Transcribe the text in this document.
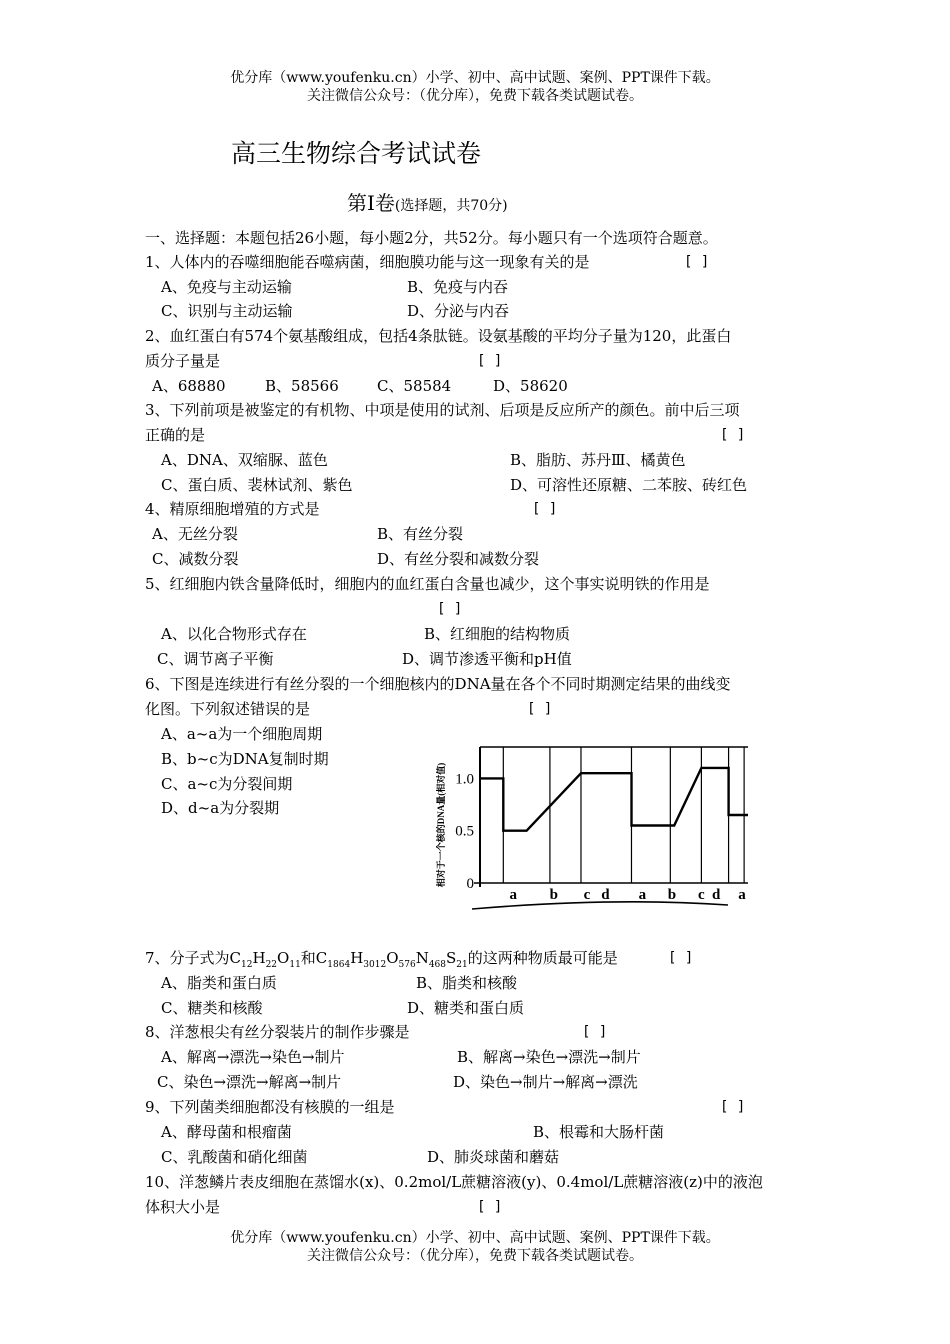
优分库（www.youfenku.cn）小学、初中、高中试题、案例、PPT课件下载。
关注微信公众号：（优分库），免费下载各类试题试卷。
高三生物综合考试试卷
第Ⅰ卷(选择题，共70分)
一、选择题：本题包括26小题，每小题2分，共52分。每小题只有一个选项符合题意。
1、人体内的吞噬细胞能吞噬病菌，细胞膜功能与这一现象有关的是	[ ]
A、免疫与主动运输	B、免疫与内吞
C、识别与主动运输	D、分泌与内吞
2、血红蛋白有574个氨基酸组成，包括4条肽链。设氨基酸的平均分子量为120，此蛋白
质分子量是	[ ]
A、68880	B、58566	C、58584	D、58620
3、下列前项是被鉴定的有机物、中项是使用的试剂、后项是反应所产的颜色。前中后三项
正确的是	[ ]
A、DNA、双缩脲、蓝色	B、脂肪、苏丹Ⅲ、橘黄色
C、蛋白质、裴林试剂、紫色	D、可溶性还原糖、二苯胺、砖红色
4、精原细胞增殖的方式是	[ ]
A、无丝分裂	B、有丝分裂
C、减数分裂	D、有丝分裂和减数分裂
5、红细胞内铁含量降低时，细胞内的血红蛋白含量也减少，这个事实说明铁的作用是
[ ]
A、以化合物形式存在	B、红细胞的结构物质
C、调节离子平衡	D、调节渗透平衡和pH值
6、下图是连续进行有丝分裂的一个细胞核内的DNA量在各个不同时期测定结果的曲线变
化图。下列叙述错误的是	[ ]
A、a~a为一个细胞周期
B、b~c为DNA复制时期
C、a~c为分裂间期
D、d~a为分裂期
1.0
0.5
0
a b c d a b c d a
相对于一个核的DNA量(相对值)
7、分子式为$C_{12}H_{22}O_{11}$和$C_{1864}H_{3012}O_{576}N_{468}S_{21}$的这两种物质最可能是	[ ]
A、脂类和蛋白质	B、脂类和核酸
C、糖类和核酸	D、糖类和蛋白质
8、洋葱根尖有丝分裂装片的制作步骤是	[ ]
A、解离→漂洗→染色→制片	B、解离→染色→漂洗→制片
C、染色→漂洗→解离→制片	D、染色→制片→解离→漂洗
9、下列菌类细胞都没有核膜的一组是	[ ]
A、酵母菌和根瘤菌	B、根霉和大肠杆菌
C、乳酸菌和硝化细菌	D、肺炎球菌和蘑菇
10、洋葱鳞片表皮细胞在蒸馏水(x)、0.2mol/L蔗糖溶液(y)、0.4mol/L蔗糖溶液(z)中的液泡
体积大小是	[ ]
优分库（www.youfenku.cn）小学、初中、高中试题、案例、PPT课件下载。
关注微信公众号：（优分库），免费下载各类试题试卷。
